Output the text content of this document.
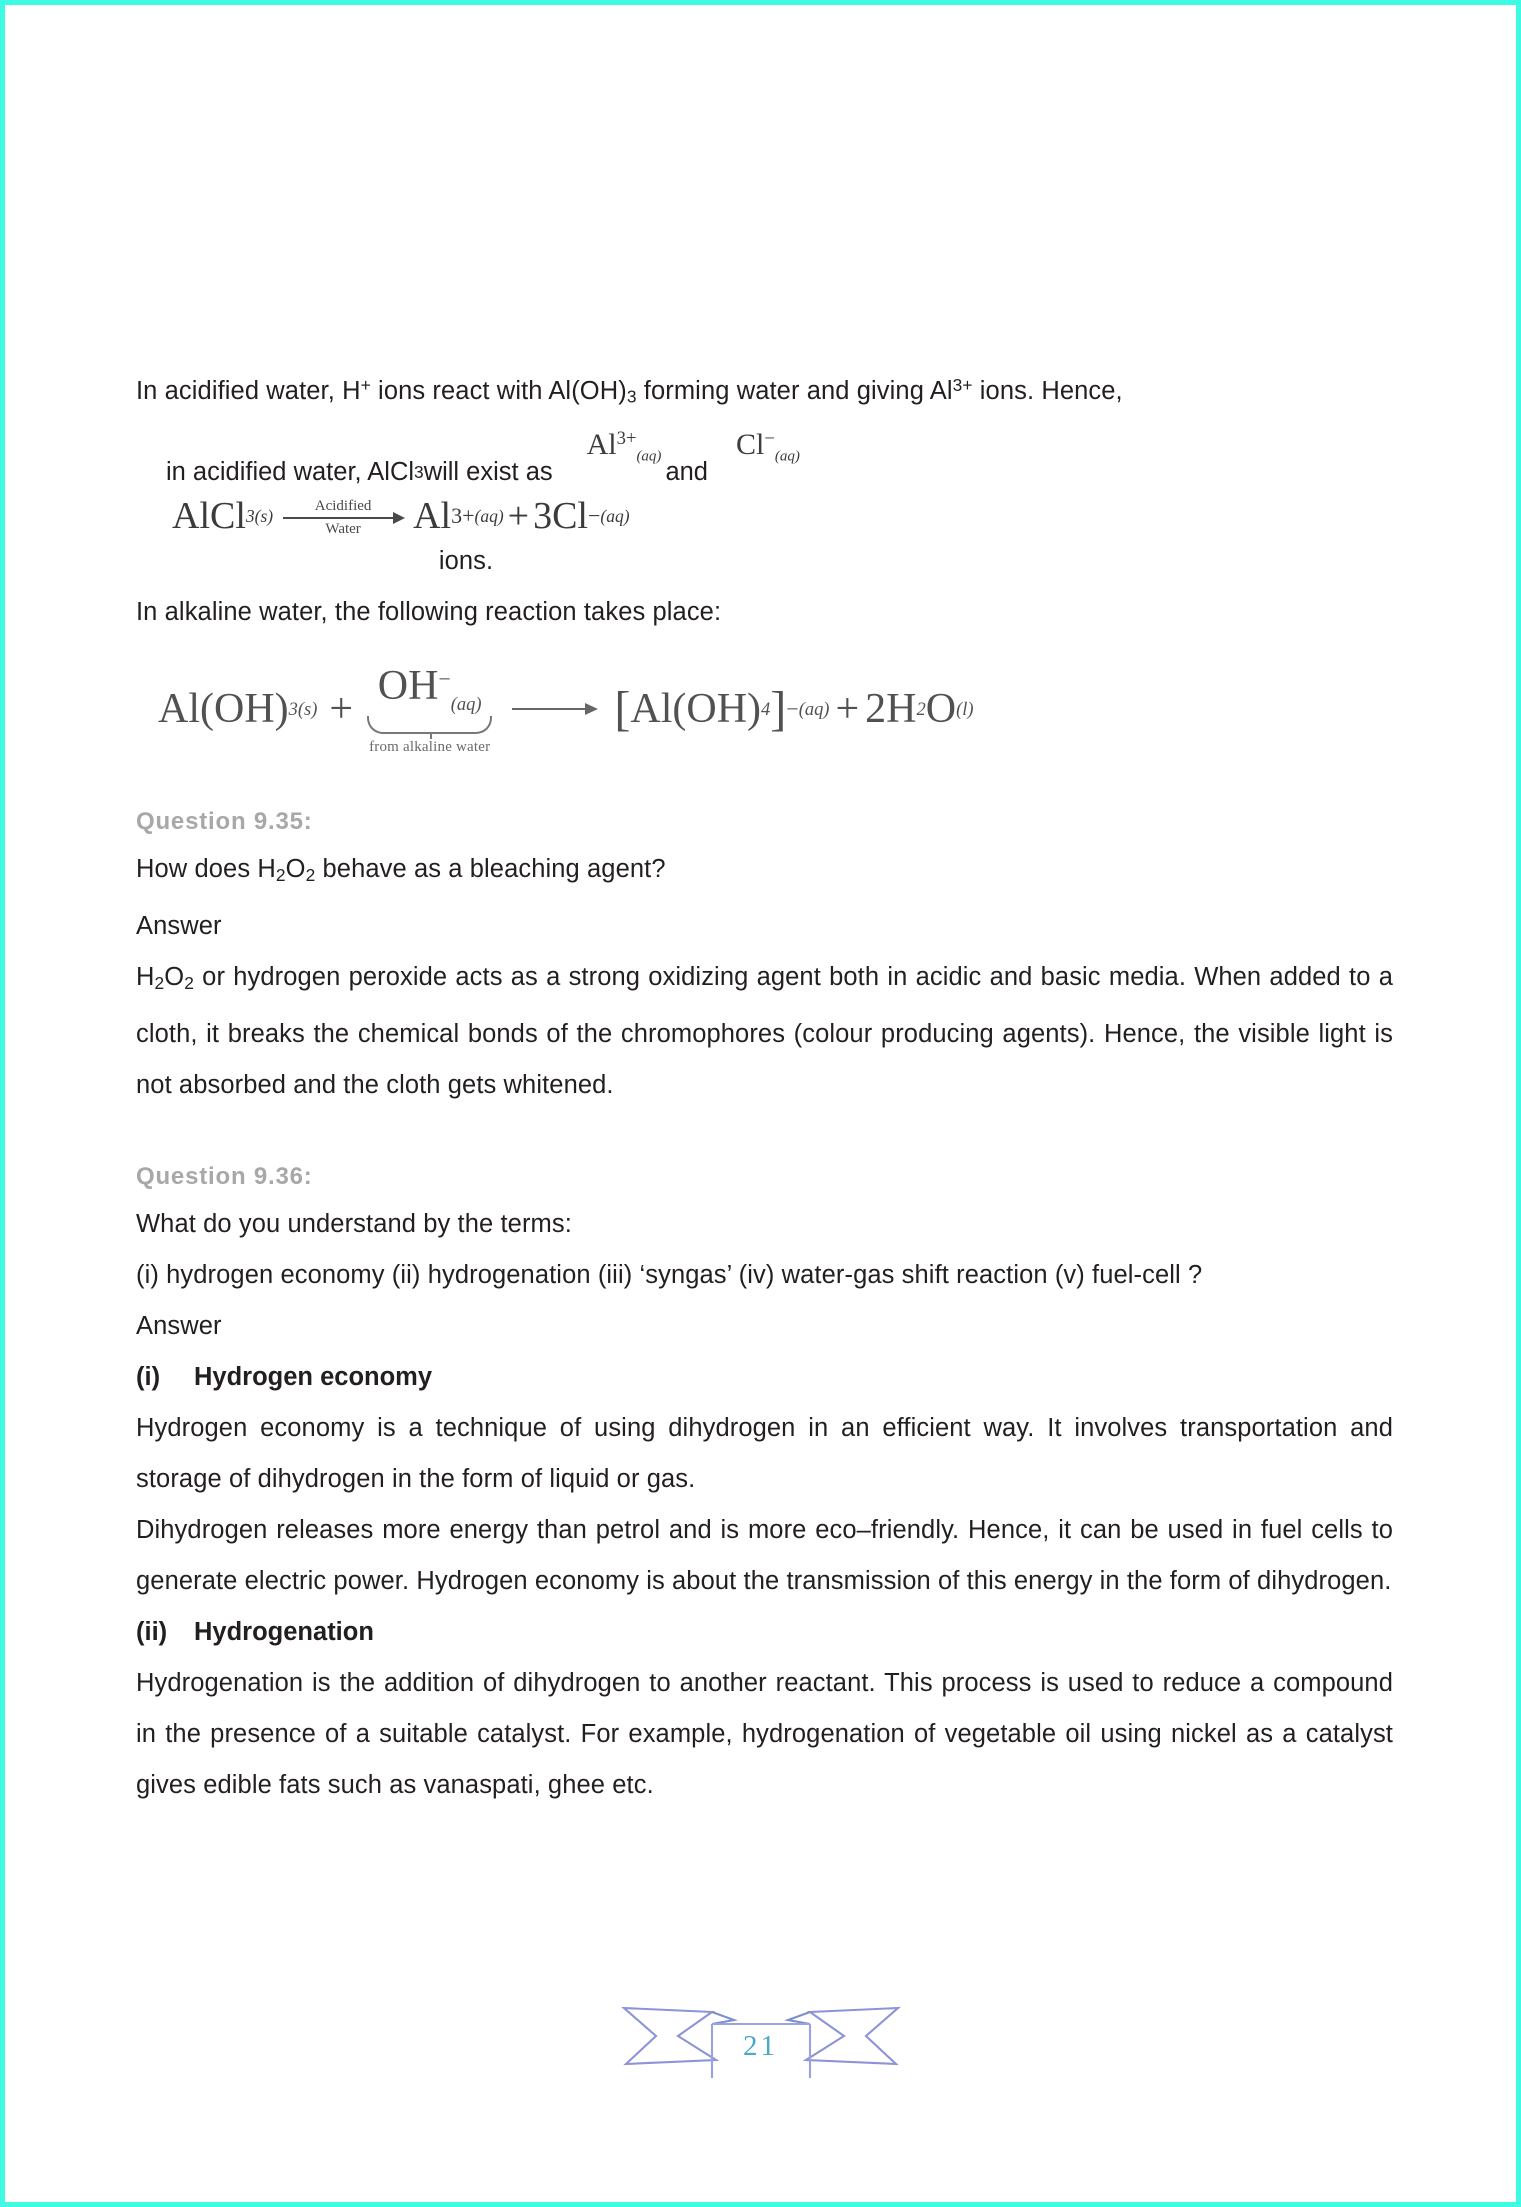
In acidified water, H+ ions react with $Al(OH)_3$ forming water and giving $Al^{3+}$ ions. Hence,

in acidified water, AlCl 3 will exist as
$Al^{3+}_{(aq)}$
and
$Cl^-_{(aq)}$
AlCl 3(s)	Acidified
Water Al 3+ (aq) + 3 Cl − (aq)

ions.

In alkaline water, the following reaction takes place:

Al (OH) 3(s) +
$OH^-_{(aq)}$
from alkaline water
[ Al (OH) 4 ] − (aq) + 2 H 2 O (l)

Question 9.35:

How does $H_2O_2$ behave as a bleaching agent?

Answer

$H_2O_2$ or hydrogen peroxide acts as a strong oxidizing agent both in acidic and basic media. When added to a cloth, it breaks the chemical bonds of the chromophores (colour producing agents). Hence, the visible light is not absorbed and the cloth gets whitened.

Question 9.36:

What do you understand by the terms:

(i) hydrogen economy (ii) hydrogenation (iii) ‘syngas’ (iv) water-gas shift reaction (v) fuel-cell ?

Answer

(i) Hydrogen economy

Hydrogen economy is a technique of using dihydrogen in an efficient way. It involves transportation and storage of dihydrogen in the form of liquid or gas.

Dihydrogen releases more energy than petrol and is more eco–friendly. Hence, it can be used in fuel cells to generate electric power. Hydrogen economy is about the transmission of this energy in the form of dihydrogen.

(ii) Hydrogenation

Hydrogenation is the addition of dihydrogen to another reactant. This process is used to reduce a compound in the presence of a suitable catalyst. For example, hydrogenation of vegetable oil using nickel as a catalyst gives edible fats such as vanaspati, ghee etc.

21
